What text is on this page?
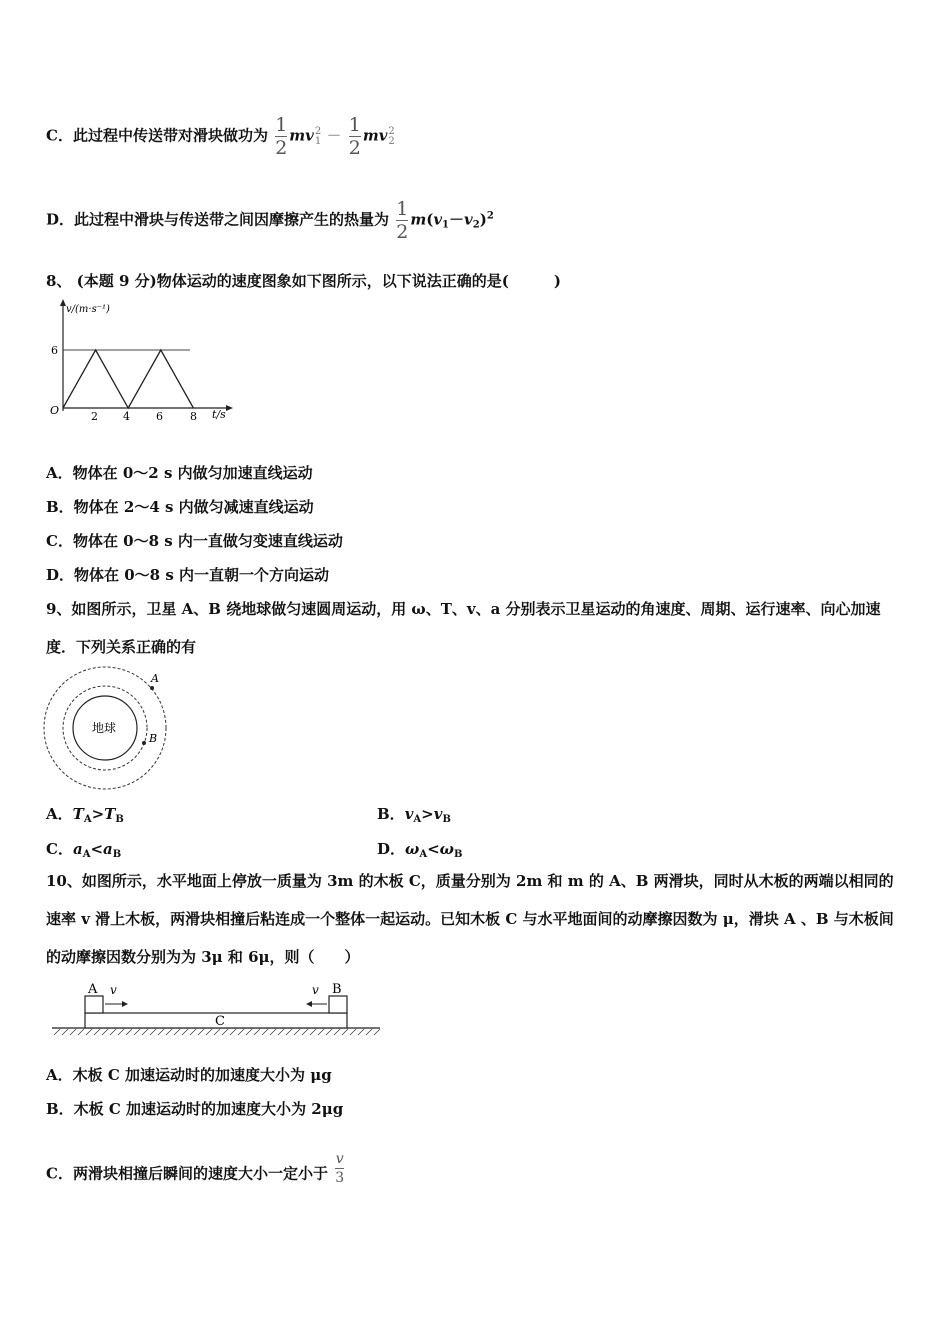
C．此过程中传送带对滑块做功为 $\frac{1}{2}$ mv 2
$1 - \frac{1}{2}$ mv 2
2
D．此过程中滑块与传送带之间因摩擦产生的热量为 $\frac{1}{2} m(v_1-v_2)^2$
8、 (本题 9 分)物体运动的速度图象如下图所示，以下说法正确的是(　　　)
v/(m·s⁻¹)
t/s
O
6
2 4 6 8
A．物体在 0～2 s 内做匀加速直线运动
B．物体在 2～4 s 内做匀减速直线运动
C．物体在 0～8 s 内一直做匀变速直线运动
D．物体在 0～8 s 内一直朝一个方向运动
9、如图所示，卫星 A、B 绕地球做匀速圆周运动，用 ω、T、v、a 分别表示卫星运动的角速度、周期、运行速率、向心加速度．下列关系正确的有
地球
A
B
A．$T_A>T_B$	B．$v_A>v_B$
C．$a_A<a_B$	D．$\omega_A<\omega_B$
10、如图所示，水平地面上停放一质量为 3m 的木板 C，质量分别为 2m 和 m 的 A、B 两滑块，同时从木板的两端以相同的速率 v 滑上木板，两滑块相撞后粘连成一个整体一起运动。已知木板 C 与水平地面间的动摩擦因数为 μ，滑块 A 、B 与木板间的动摩擦因数分别为为 3μ 和 6μ，则（　　）
C
A v	B
v
A．木板 C 加速运动时的加速度大小为 μg
B．木板 C 加速运动时的加速度大小为 2μg
C．两滑块相撞后瞬间的速度大小一定小于 $\frac{v}{3}$
